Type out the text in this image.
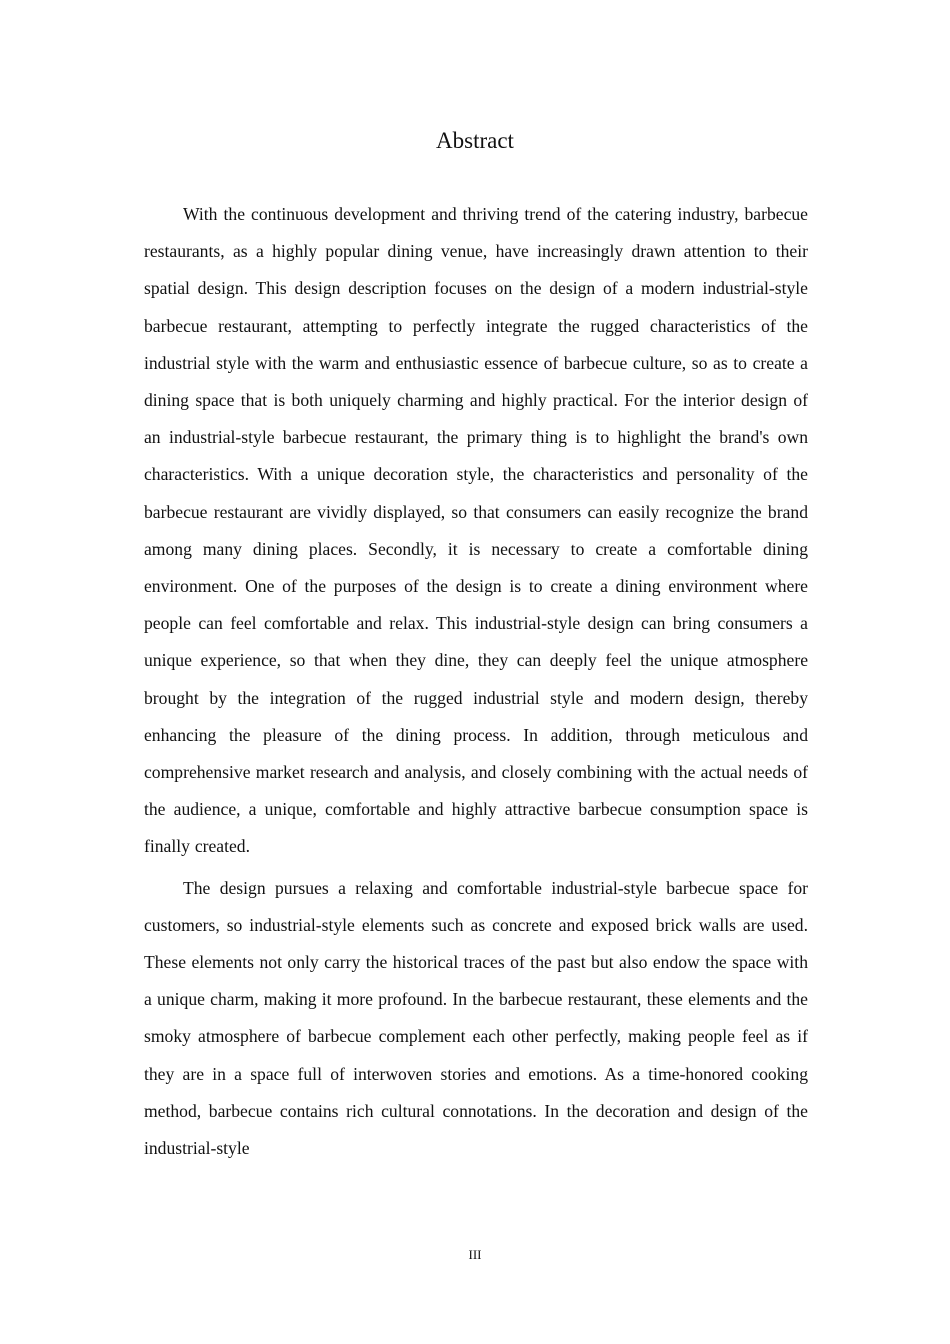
Abstract

With the continuous development and thriving trend of the catering industry, barbecue restaurants, as a highly popular dining venue, have increasingly drawn attention to their spatial design. This design description focuses on the design of a modern industrial-style barbecue restaurant, attempting to perfectly integrate the rugged characteristics of the industrial style with the warm and enthusiastic essence of barbecue culture, so as to create a dining space that is both uniquely charming and highly practical. For the interior design of an industrial-style barbecue restaurant, the primary thing is to highlight the brand's own characteristics. With a unique decoration style, the characteristics and personality of the barbecue restaurant are vividly displayed, so that consumers can easily recognize the brand among many dining places. Secondly, it is necessary to create a comfortable dining environment. One of the purposes of the design is to create a dining environment where people can feel comfortable and relax. This industrial-style design can bring consumers a unique experience, so that when they dine, they can deeply feel the unique atmosphere brought by the integration of the rugged industrial style and modern design, thereby enhancing the pleasure of the dining process. In addition, through meticulous and comprehensive market research and analysis, and closely combining with the actual needs of the audience, a unique, comfortable and highly attractive barbecue consumption space is finally created.

The design pursues a relaxing and comfortable industrial-style barbecue space for customers, so industrial-style elements such as concrete and exposed brick walls are used. These elements not only carry the historical traces of the past but also endow the space with a unique charm, making it more profound. In the barbecue restaurant, these elements and the smoky atmosphere of barbecue complement each other perfectly, making people feel as if they are in a space full of interwoven stories and emotions. As a time-honored cooking method, barbecue contains rich cultural connotations. In the decoration and design of the industrial-style

III
